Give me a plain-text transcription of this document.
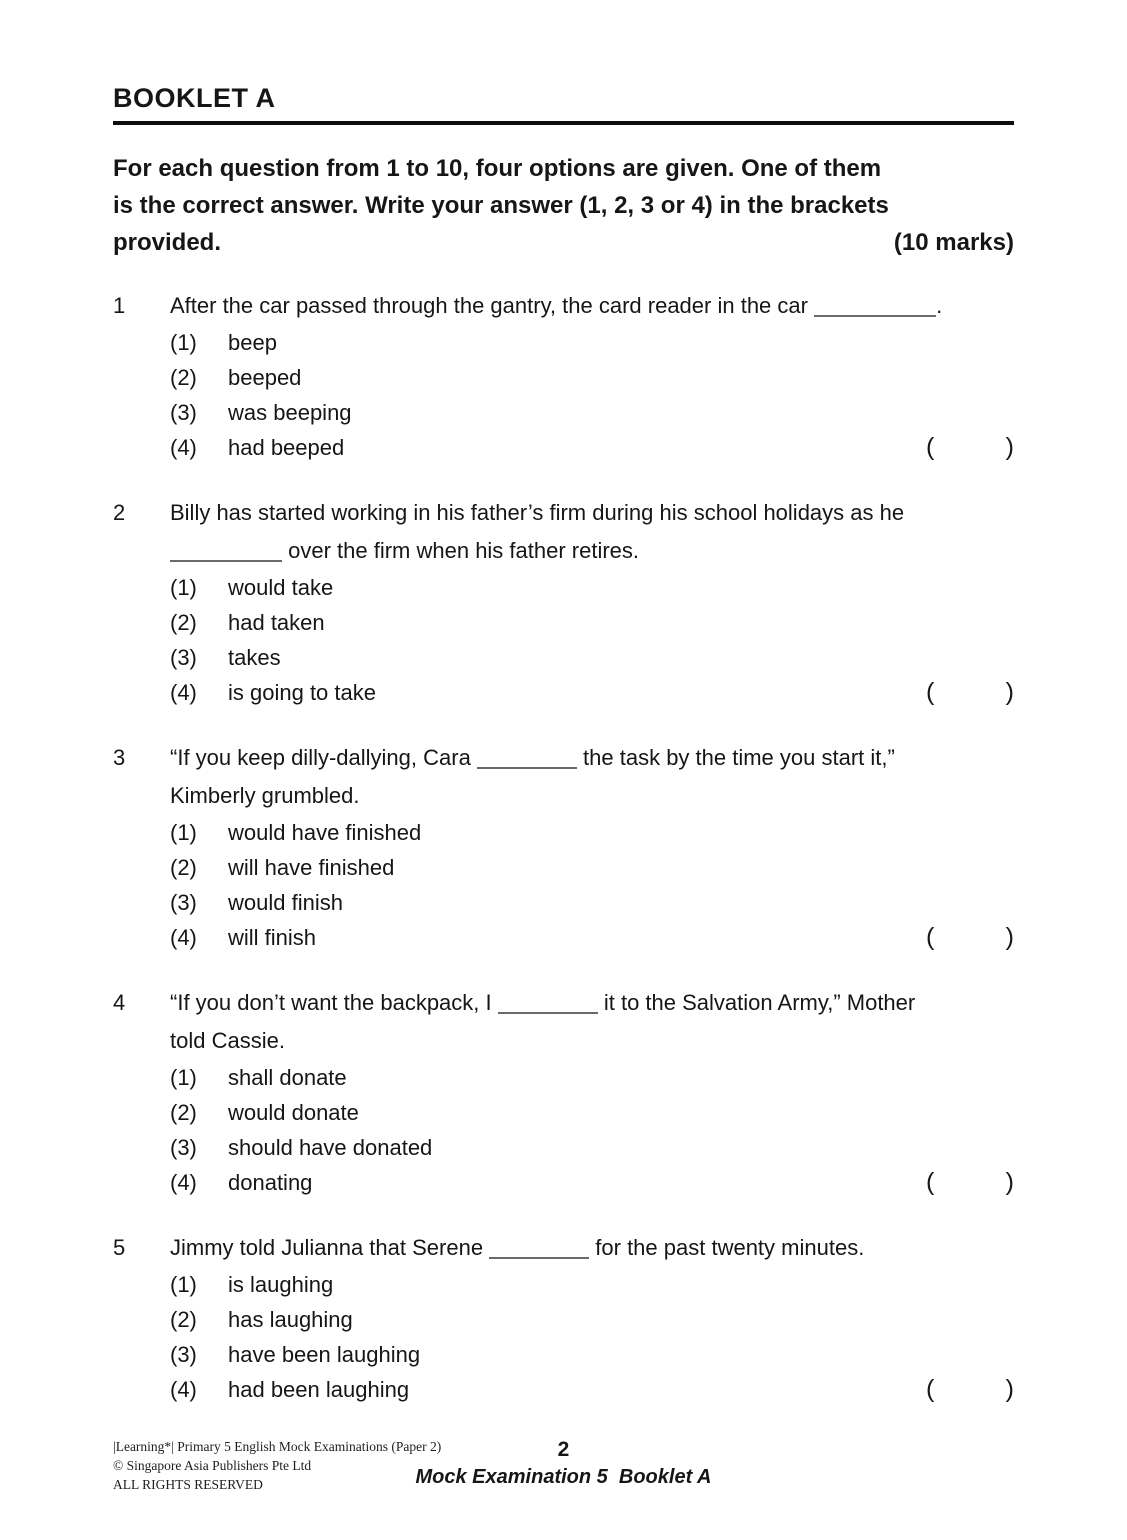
BOOKLET A
For each question from 1 to 10, four options are given. One of them
is the correct answer. Write your answer (1, 2, 3 or 4) in the brackets
provided.	(10 marks)
1	After the car passed through the gantry, the card reader in the car	.
(1)	beep
(2)	beeped
(3)	was beeping
(4)	had beeped	(	)
2	Billy has started working in his father’s firm during his school holidays as he
over the firm when his father retires.
(1)	would take
(2)	had taken
(3)	takes
(4)	is going to take	(	)
3	“If you keep dilly-dallying, Cara	the task by the time you start it,”
Kimberly grumbled.
(1)	would have finished
(2)	will have finished
(3)	would finish
(4)	will finish	(	)
4	“If you don’t want the backpack, I	it to the Salvation Army,” Mother
told Cassie.
(1)	shall donate
(2)	would donate
(3)	should have donated
(4)	donating	(	)
5	Jimmy told Julianna that Serene	for the past twenty minutes.
(1)	is laughing
(2)	has laughing
(3)	have been laughing
(4)	had been laughing	(	)
|Learning*| Primary 5 English Mock Examinations (Paper 2)
© Singapore Asia Publishers Pte Ltd
ALL RIGHTS RESERVED
2
Mock Examination 5  Booklet A
